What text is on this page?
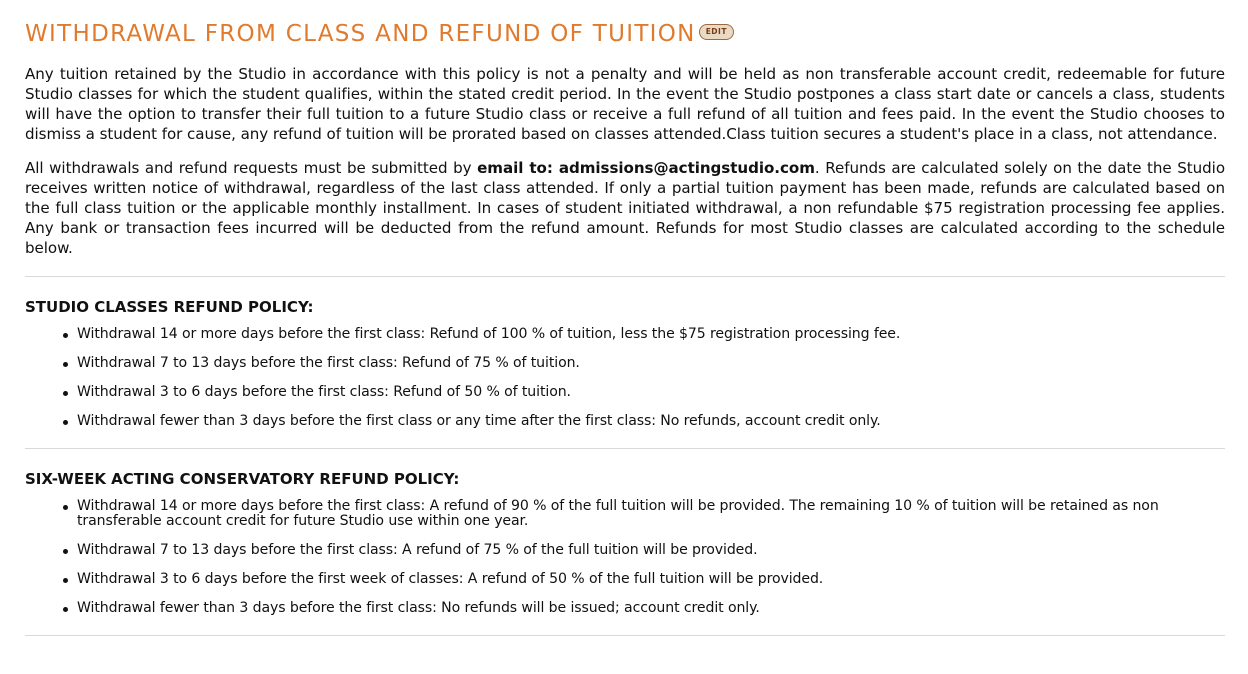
WITHDRAWAL FROM CLASS AND REFUND OF TUITION	EDIT

Any tuition retained by the Studio in accordance with this policy is not a penalty and will be held as non transferable account credit, redeemable for future Studio classes for which the student qualifies, within the stated credit period. In the event the Studio postpones a class start date or cancels a class, students will have the option to transfer their full tuition to a future Studio class or receive a full refund of all tuition and fees paid. In the event the Studio chooses to dismiss a student for cause, any refund of tuition will be prorated based on classes attended.Class tuition secures a student's place in a class, not attendance.

All withdrawals and refund requests must be submitted by email to: admissions@actingstudio.com. Refunds are calculated solely on the date the Studio receives written notice of withdrawal, regardless of the last class attended. If only a partial tuition payment has been made, refunds are calculated based on the full class tuition or the applicable monthly installment. In cases of student initiated withdrawal, a non refundable $75 registration processing fee applies. Any bank or transaction fees incurred will be deducted from the refund amount. Refunds for most Studio classes are calculated according to the schedule below.

STUDIO CLASSES REFUND POLICY:
Withdrawal 14 or more days before the first class: Refund of 100 % of tuition, less the $75 registration processing fee.
Withdrawal 7 to 13 days before the first class: Refund of 75 % of tuition.
Withdrawal 3 to 6 days before the first class: Refund of 50 % of tuition.
Withdrawal fewer than 3 days before the first class or any time after the first class: No refunds, account credit only.
SIX-WEEK ACTING CONSERVATORY REFUND POLICY:
Withdrawal 14 or more days before the first class: A refund of 90 % of the full tuition will be provided. The remaining 10 % of tuition will be retained as non transferable account credit for future Studio use within one year.
Withdrawal 7 to 13 days before the first class: A refund of 75 % of the full tuition will be provided.
Withdrawal 3 to 6 days before the first week of classes: A refund of 50 % of the full tuition will be provided.
Withdrawal fewer than 3 days before the first class: No refunds will be issued; account credit only.
